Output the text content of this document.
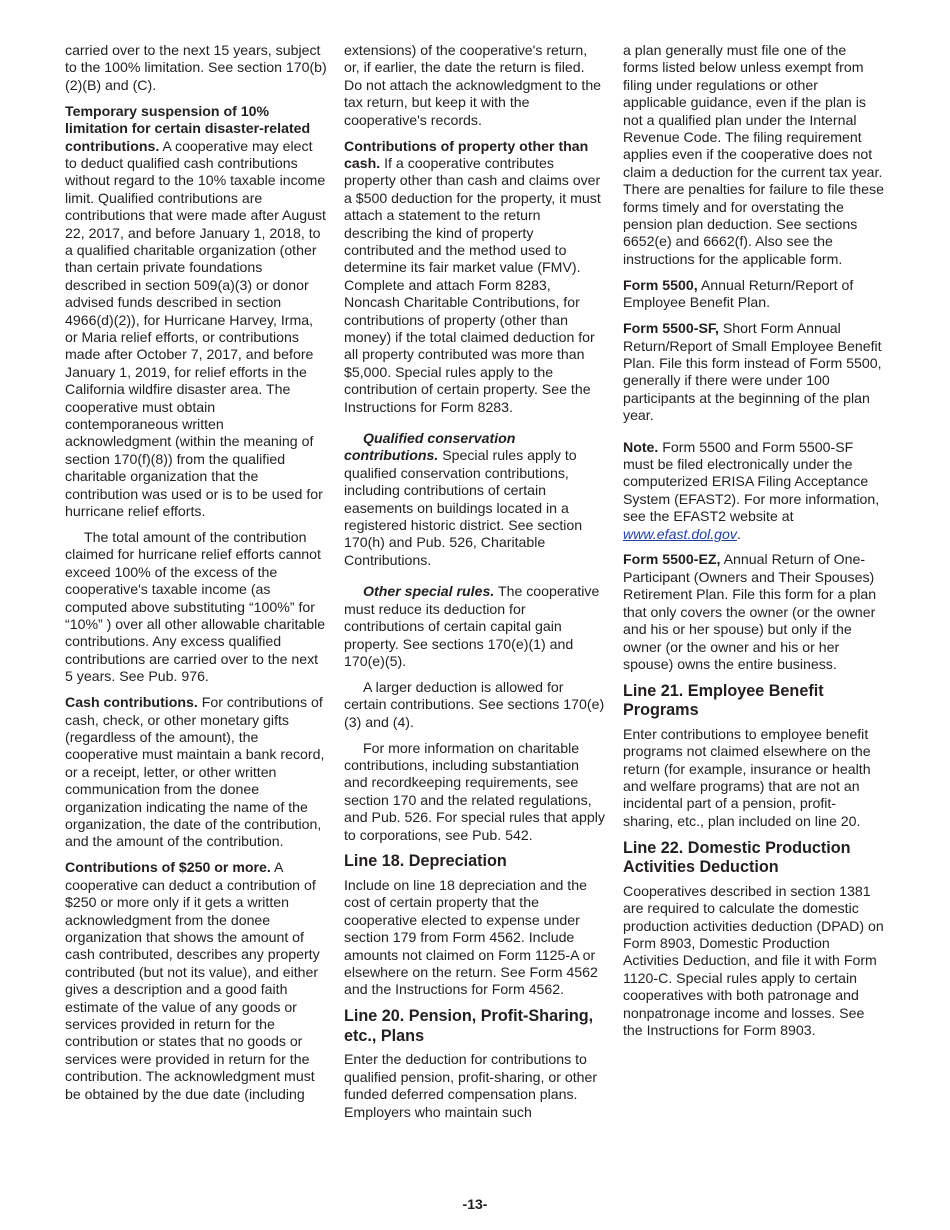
carried over to the next 15 years, subject to the 100% limitation. See section 170(b)(2)(B) and (C).

Temporary suspension of 10% limitation for certain disaster-related contributions. A cooperative may elect to deduct qualified cash contributions without regard to the 10% taxable income limit. Qualified contributions are contributions that were made after August 22, 2017, and before January 1, 2018, to a qualified charitable organization (other than certain private foundations described in section 509(a)(3) or donor advised funds described in section 4966(d)(2)), for Hurricane Harvey, Irma, or Maria relief efforts, or contributions made after October 7, 2017, and before January 1, 2019, for relief efforts in the California wildfire disaster area. The cooperative must obtain contemporaneous written acknowledgment (within the meaning of section 170(f)(8)) from the qualified charitable organization that the contribution was used or is to be used for hurricane relief efforts.

The total amount of the contribution claimed for hurricane relief efforts cannot exceed 100% of the excess of the cooperative's taxable income (as computed above substituting “100%” for “10%” ) over all other allowable charitable contributions. Any excess qualified contributions are carried over to the next 5 years. See Pub. 976.

Cash contributions. For contributions of cash, check, or other monetary gifts (regardless of the amount), the cooperative must maintain a bank record, or a receipt, letter, or other written communication from the donee organization indicating the name of the organization, the date of the contribution, and the amount of the contribution.

Contributions of $250 or more. A cooperative can deduct a contribution of $250 or more only if it gets a written acknowledgment from the donee organization that shows the amount of cash contributed, describes any property contributed (but not its value), and either gives a description and a good faith estimate of the value of any goods or services provided in return for the contribution or states that no goods or services were provided in return for the contribution. The acknowledgment must be obtained by the due date (including

extensions) of the cooperative's return, or, if earlier, the date the return is filed. Do not attach the acknowledgment to the tax return, but keep it with the cooperative's records.

Contributions of property other than cash. If a cooperative contributes property other than cash and claims over a $500 deduction for the property, it must attach a statement to the return describing the kind of property contributed and the method used to determine its fair market value (FMV). Complete and attach Form 8283, Noncash Charitable Contributions, for contributions of property (other than money) if the total claimed deduction for all property contributed was more than $5,000. Special rules apply to the contribution of certain property. See the Instructions for Form 8283.

Qualified conservation contributions. Special rules apply to qualified conservation contributions, including contributions of certain easements on buildings located in a registered historic district. See section 170(h) and Pub. 526, Charitable Contributions.

Other special rules. The cooperative must reduce its deduction for contributions of certain capital gain property. See sections 170(e)(1) and 170(e)(5).

A larger deduction is allowed for certain contributions. See sections 170(e)(3) and (4).

For more information on charitable contributions, including substantiation and recordkeeping requirements, see section 170 and the related regulations, and Pub. 526. For special rules that apply to corporations, see Pub. 542.

Line 18. Depreciation

Include on line 18 depreciation and the cost of certain property that the cooperative elected to expense under section 179 from Form 4562. Include amounts not claimed on Form 1125-A or elsewhere on the return. See Form 4562 and the Instructions for Form 4562.

Line 20. Pension, Profit-Sharing, etc., Plans

Enter the deduction for contributions to qualified pension, profit-sharing, or other funded deferred compensation plans. Employers who maintain such

a plan generally must file one of the forms listed below unless exempt from filing under regulations or other applicable guidance, even if the plan is not a qualified plan under the Internal Revenue Code. The filing requirement applies even if the cooperative does not claim a deduction for the current tax year. There are penalties for failure to file these forms timely and for overstating the pension plan deduction. See sections 6652(e) and 6662(f). Also see the instructions for the applicable form.

Form 5500, Annual Return/Report of Employee Benefit Plan.

Form 5500-SF, Short Form Annual Return/Report of Small Employee Benefit Plan. File this form instead of Form 5500, generally if there were under 100 participants at the beginning of the plan year.

Note. Form 5500 and Form 5500-SF must be filed electronically under the computerized ERISA Filing Acceptance System (EFAST2). For more information, see the EFAST2 website at www.efast.dol.gov.

Form 5500-EZ, Annual Return of One-Participant (Owners and Their Spouses) Retirement Plan. File this form for a plan that only covers the owner (or the owner and his or her spouse) but only if the owner (or the owner and his or her spouse) owns the entire business.

Line 21. Employee Benefit Programs

Enter contributions to employee benefit programs not claimed elsewhere on the return (for example, insurance or health and welfare programs) that are not an incidental part of a pension, profit-sharing, etc., plan included on line 20.

Line 22. Domestic Production Activities Deduction

Cooperatives described in section 1381 are required to calculate the domestic production activities deduction (DPAD) on Form 8903, Domestic Production Activities Deduction, and file it with Form 1120-C. Special rules apply to certain cooperatives with both patronage and nonpatronage income and losses. See the Instructions for Form 8903.

-13-
